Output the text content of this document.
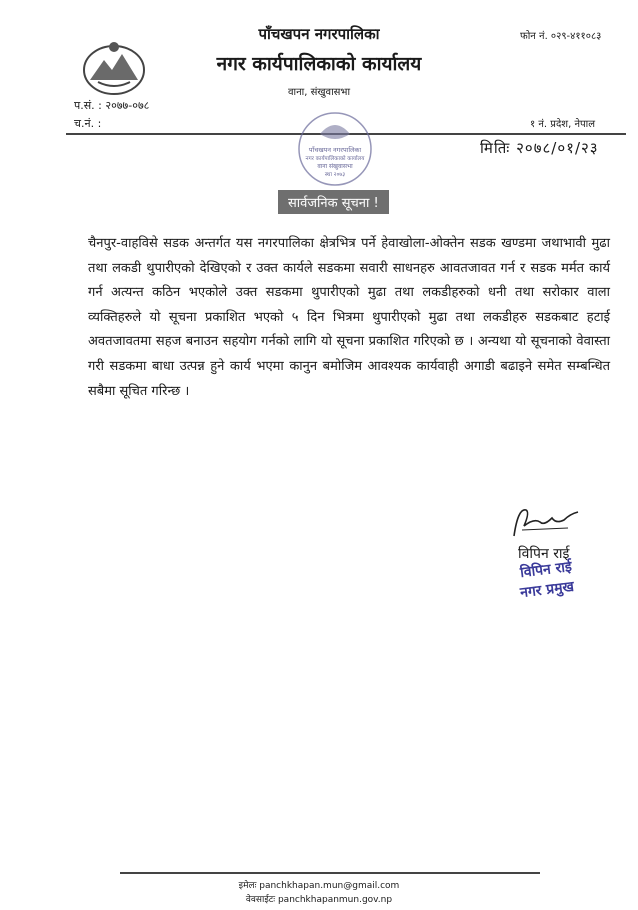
पाँचखपन नगरपालिका
नगर कार्यपालिकाको कार्यालय
वाना, संखुवासभा
फोन नं. ०२९-४११०८३
प.सं. : २०७७-०७८
च.नं. :	१ नं. प्रदेश, नेपाल
पाँचखपन नगरपालिका
नगर कार्यपालिकाको कार्यालय
वाना संखुवासभा
स्था २०७३
मितिः २०७८/०१/२३
सार्वजनिक सूचना !
चैनपुर-वाहविसे सडक अन्तर्गत यस नगरपालिका क्षेत्रभित्र पर्ने हेवाखोला-ओक्तेन सडक खण्डमा जथाभावी मुढा तथा लकडी थुपारीएको देखिएको र उक्त कार्यले सडकमा सवारी साधनहरु आवतजावत गर्न र सडक मर्मत कार्य गर्न अत्यन्त कठिन भएकोले उक्त सडकमा थुपारीएको मुढा तथा लकडीहरुको धनी तथा सरोकार वाला व्यक्तिहरुले यो सूचना प्रकाशित भएको ५ दिन भित्रमा थुपारीएको मुढा तथा लकडीहरु सडकबाट हटाई अवतजावतमा सहज बनाउन सहयोग गर्नको लागि यो सूचना प्रकाशित गरिएको छ । अन्यथा यो सूचनाको वेवास्ता गरी सडकमा बाधा उत्पन्न हुने कार्य भएमा कानुन बमोजिम आवश्यक कार्यवाही अगाडी बढाइने समेत सम्बन्धित सबैमा सूचित गरिन्छ ।
विपिन राई
विपिन राई
नगर प्रमुख
इमेलः panchkhapan.mun@gmail.com
वेवसाईटः panchkhapanmun.gov.np
